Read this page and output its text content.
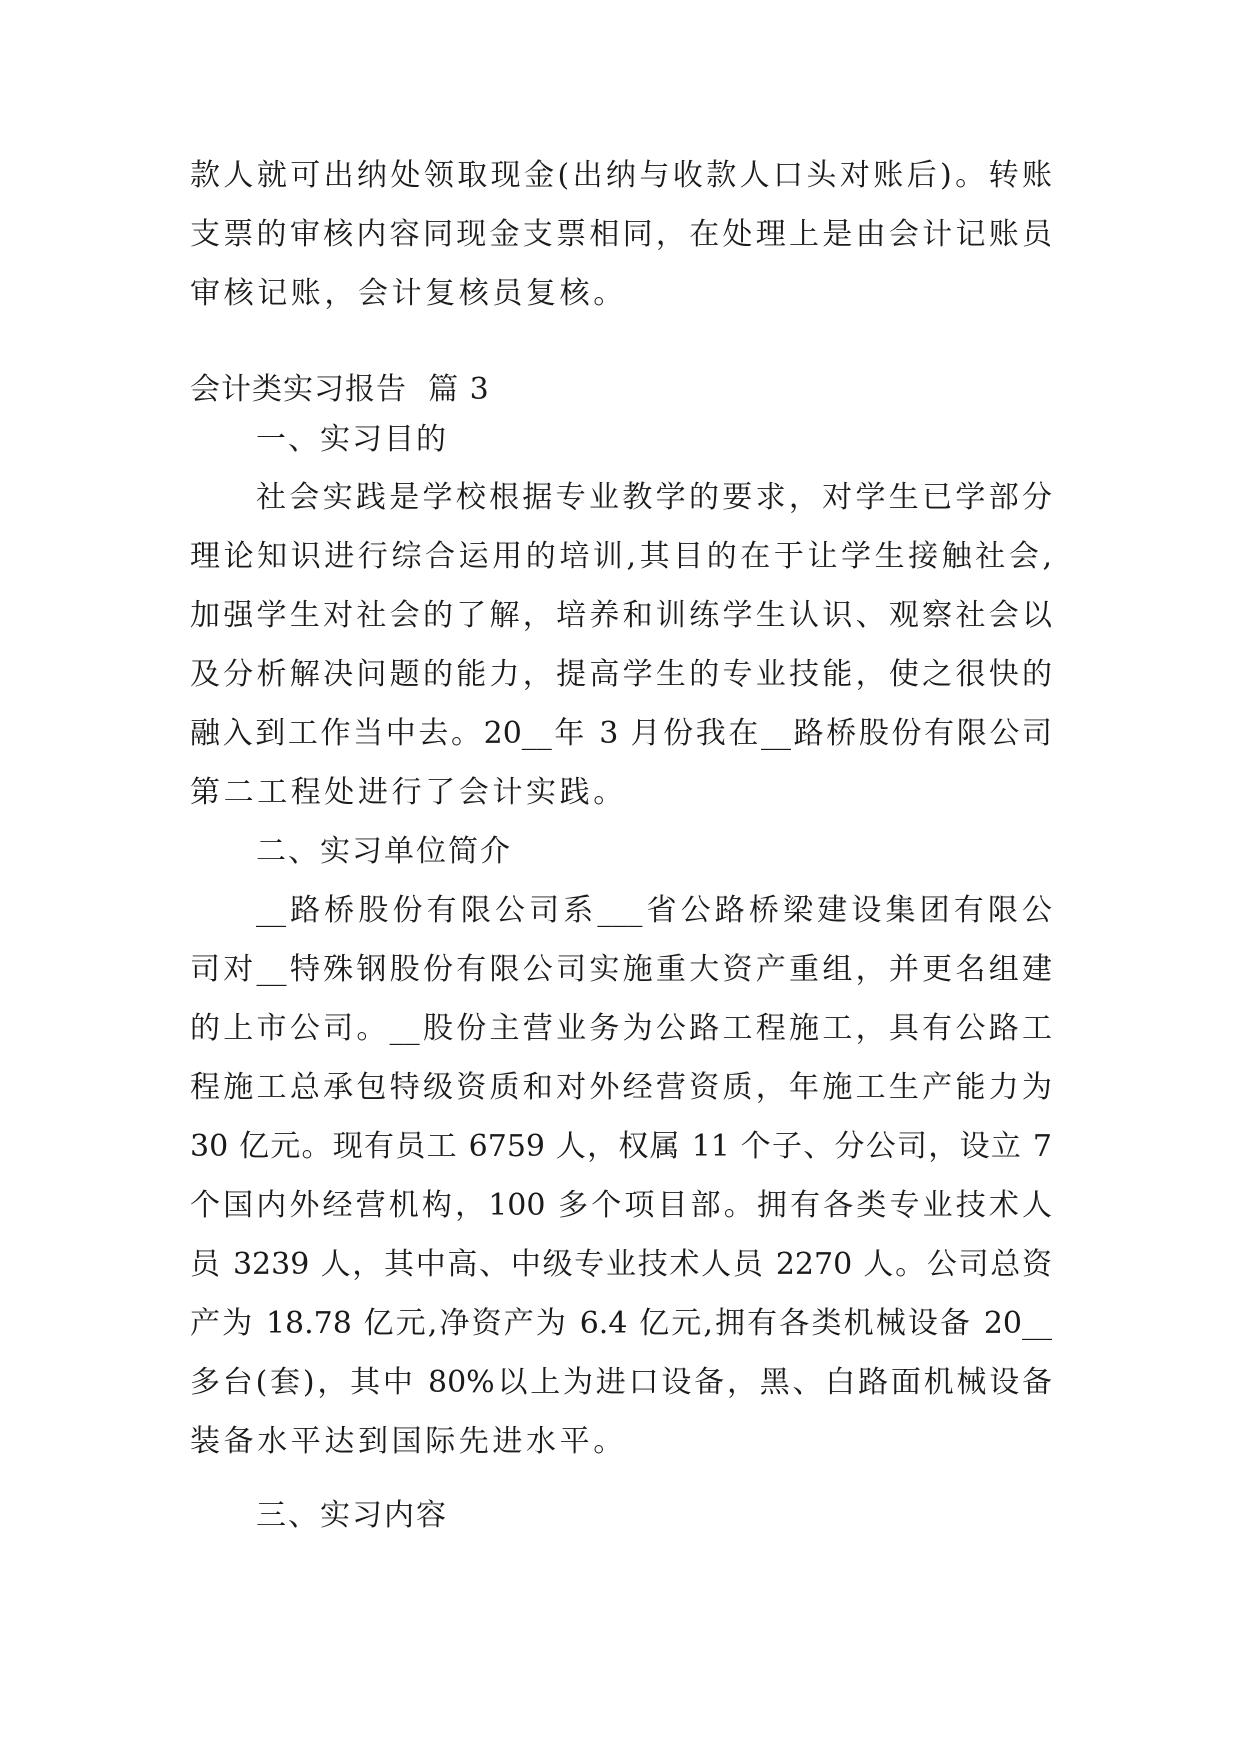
款人就可出纳处领取现金(出纳与收款人口头对账后)。转账
支票的审核内容同现金支票相同，在处理上是由会计记账员
审核记账，会计复核员复核。
会计类实习报告  篇 3
一、实习目的
社会实践是学校根据专业教学的要求，对学生已学部分
理论知识进行综合运用的培训,其目的在于让学生接触社会,
加强学生对社会的了解，培养和训练学生认识、观察社会以
及分析解决问题的能力，提高学生的专业技能，使之很快的
融入到工作当中去。20__年 3 月份我在__路桥股份有限公司
第二工程处进行了会计实践。
二、实习单位简介
__路桥股份有限公司系___省公路桥梁建设集团有限公
司对__特殊钢股份有限公司实施重大资产重组，并更名组建
的上市公司。__股份主营业务为公路工程施工，具有公路工
程施工总承包特级资质和对外经营资质，年施工生产能力为
30 亿元。现有员工 6759 人，权属 11 个子、分公司，设立 7
个国内外经营机构，100 多个项目部。拥有各类专业技术人
员 3239 人，其中高、中级专业技术人员 2270 人。公司总资
产为 18.78 亿元,净资产为 6.4 亿元,拥有各类机械设备 20__
多台(套)，其中 80%以上为进口设备，黑、白路面机械设备
装备水平达到国际先进水平。
三、实习内容
